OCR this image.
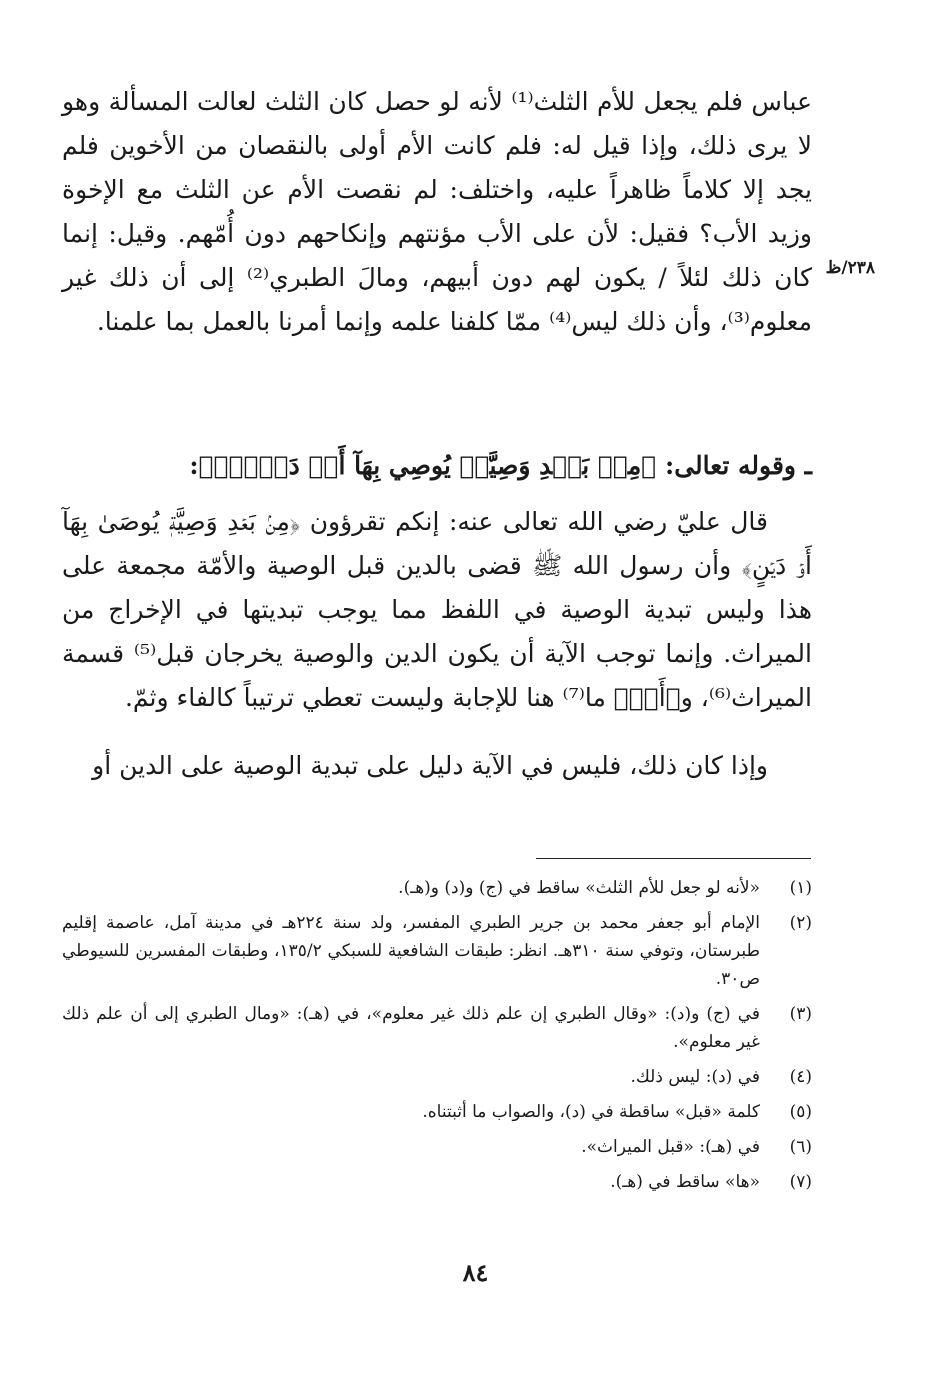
٢٣٨/ظ

عباس فلم يجعل للأم الثلث⁽¹⁾ لأنه لو حصل كان الثلث لعالت المسألة وهو لا يرى ذلك، وإذا قيل له: فلم كانت الأم أولى بالنقصان من الأخوين فلم يجد إلا كلاماً ظاهراً عليه، واختلف: لم نقصت الأم عن الثلث مع الإخوة وزيد الأب؟ فقيل: لأن على الأب مؤنتهم وإنكاحهم دون أُمّهم. وقيل: إنما كان ذلك لئلاً / يكون لهم دون أبيهم، ومالَ الطبري⁽²⁾ إلى أن ذلك غير معلوم⁽³⁾، وأن ذلك ليس⁽⁴⁾ ممّا كلفنا علمه وإنما أمرنا بالعمل بما علمنا.

ـ وقوله تعالى: ﴿مِنۢ بَعۡدِ وَصِيَّةٖ يُوصِي بِهَآ أَوۡ دَيۡنٍۗ﴾:

قال عليّ رضي الله تعالى عنه: إنكم تقرؤون ﴿مِنۢ بَعۡدِ وَصِيَّةٖ يُوصَىٰ بِهَآ أَوۡ دَيۡنٍ﴾ وأن رسول الله ﷺ قضى بالدين قبل الوصية والأمّة مجمعة على هذا وليس تبدية الوصية في اللفظ مما يوجب تبديتها في الإخراج من الميراث. وإنما توجب الآية أن يكون الدين والوصية يخرجان قبل⁽⁵⁾ قسمة الميراث⁽⁶⁾، و﴿أَوۡ﴾ ما⁽⁷⁾ هنا للإجابة وليست تعطي ترتيباً كالفاء وثمّ.

وإذا كان ذلك، فليس في الآية دليل على تبدية الوصية على الدين أو

(١)
«لأنه لو جعل للأم الثلث» ساقط في (ج) و(د) و(هـ).
(٢)
الإمام أبو جعفر محمد بن جرير الطبري المفسر، ولد سنة ٢٢٤هـ في مدينة آمل، عاصمة إقليم طبرستان، وتوفي سنة ٣١٠هـ. انظر: طبقات الشافعية للسبكي ١٣٥/٢، وطبقات المفسرين للسيوطي ص٣٠.
(٣)
في (ج) و(د): «وقال الطبري إن علم ذلك غير معلوم»، في (هـ): «ومال الطبري إلى أن علم ذلك غير معلوم».
(٤)
في (د): ليس ذلك.
(٥)
كلمة «قبل» ساقطة في (د)، والصواب ما أثبتناه.
(٦)
في (هـ): «قبل الميراث».
(٧)
«ها» ساقط في (هـ).
٨٤
